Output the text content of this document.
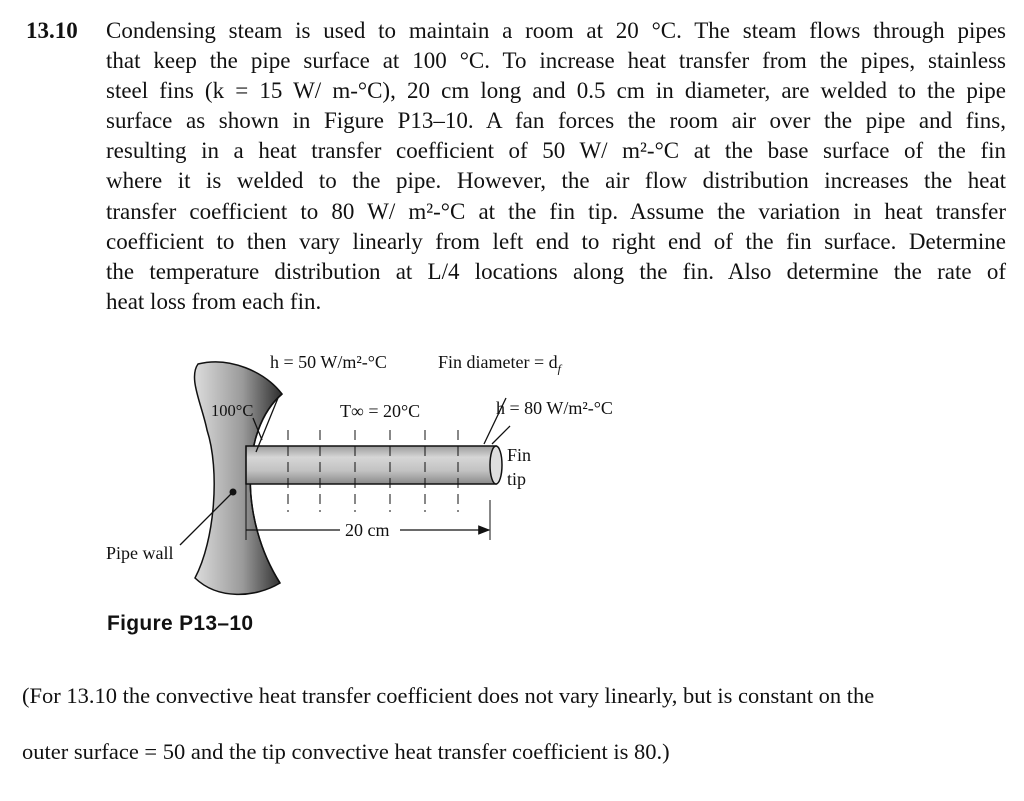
13.10 Condensing steam is used to maintain a room at 20 °C. The steam flows through pipes
that keep the pipe surface at 100 °C. To increase heat transfer from the pipes, stainless
steel fins (k = 15 W/ m-°C), 20 cm long and 0.5 cm in diameter, are welded to the pipe
surface as shown in Figure P13–10. A fan forces the room air over the pipe and fins,
resulting in a heat transfer coefficient of 50 W/ m²-°C at the base surface of the fin
where it is welded to the pipe. However, the air flow distribution increases the heat
transfer coefficient to 80 W/ m²-°C at the fin tip. Assume the variation in heat transfer
coefficient to then vary linearly from left end to right end of the fin surface. Determine
the temperature distribution at L/4 locations along the fin. Also determine the rate of
heat loss from each fin.
h = 50 W/m²-°C	Fin diameter = $d_f$
100°C	T∞ = 20°C	h = 80 W/m²-°C
Fin
tip
20 cm
Pipe wall
Figure P13–10
(For 13.10 the convective heat transfer coefficient does not vary linearly, but is constant on the
outer surface = 50 and the tip convective heat transfer coefficient is 80.)
